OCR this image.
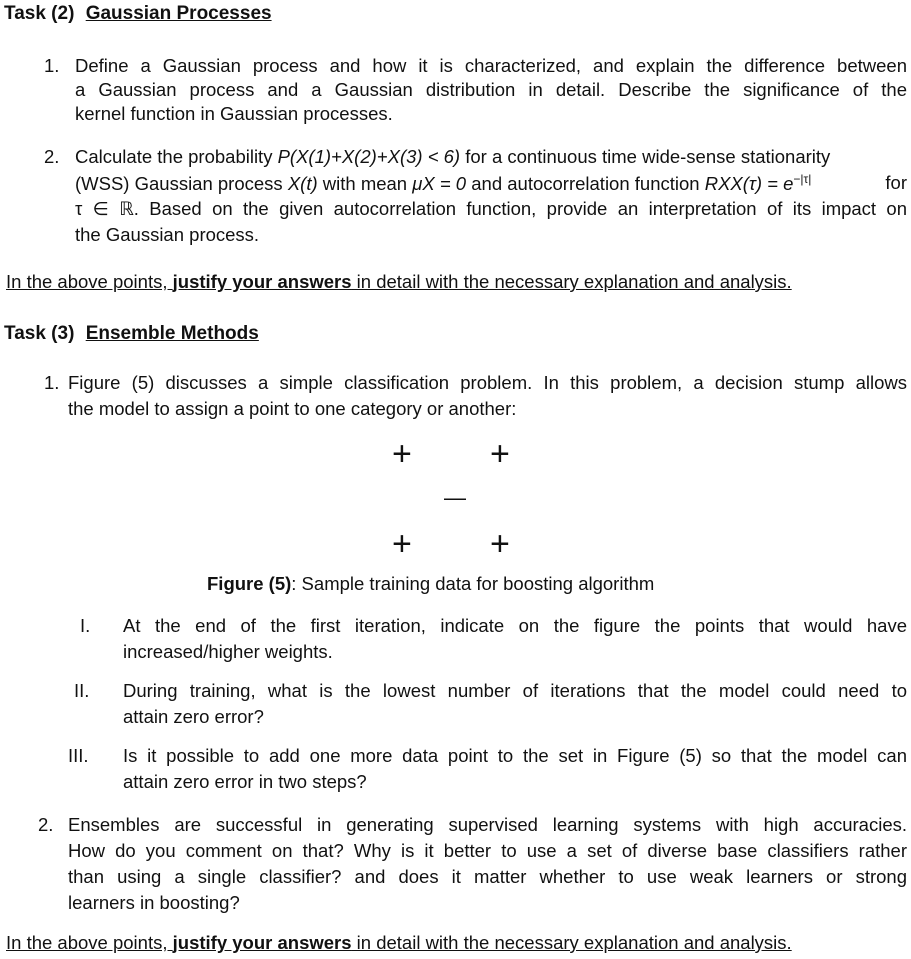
Task (2) Gaussian Processes
1. Define a Gaussian process and how it is characterized, and explain the difference between
a Gaussian process and a Gaussian distribution in detail. Describe the significance of the
kernel function in Gaussian processes.
2. Calculate the probability P(X(1)+X(2)+X(3) < 6) for a continuous time wide-sense stationarity
(WSS) Gaussian process X(t) with mean μX = 0 and autocorrelation function $RXX(\tau) = e^{-|\tau|}$	for
τ ∈ ℝ. Based on the given autocorrelation function, provide an interpretation of its impact on
the Gaussian process.
In the above points, justify your answers in detail with the necessary explanation and analysis.
Task (3) Ensemble Methods
1. Figure (5) discusses a simple classification problem. In this problem, a decision stump allows
the model to assign a point to one category or another:
+ +
—
+ +
Figure (5): Sample training data for boosting algorithm
I. At the end of the first iteration, indicate on the figure the points that would have
increased/higher weights.
II. During training, what is the lowest number of iterations that the model could need to
attain zero error?
III. Is it possible to add one more data point to the set in Figure (5) so that the model can
attain zero error in two steps?
2. Ensembles are successful in generating supervised learning systems with high accuracies.
How do you comment on that? Why is it better to use a set of diverse base classifiers rather
than using a single classifier? and does it matter whether to use weak learners or strong
learners in boosting?
In the above points, justify your answers in detail with the necessary explanation and analysis.
